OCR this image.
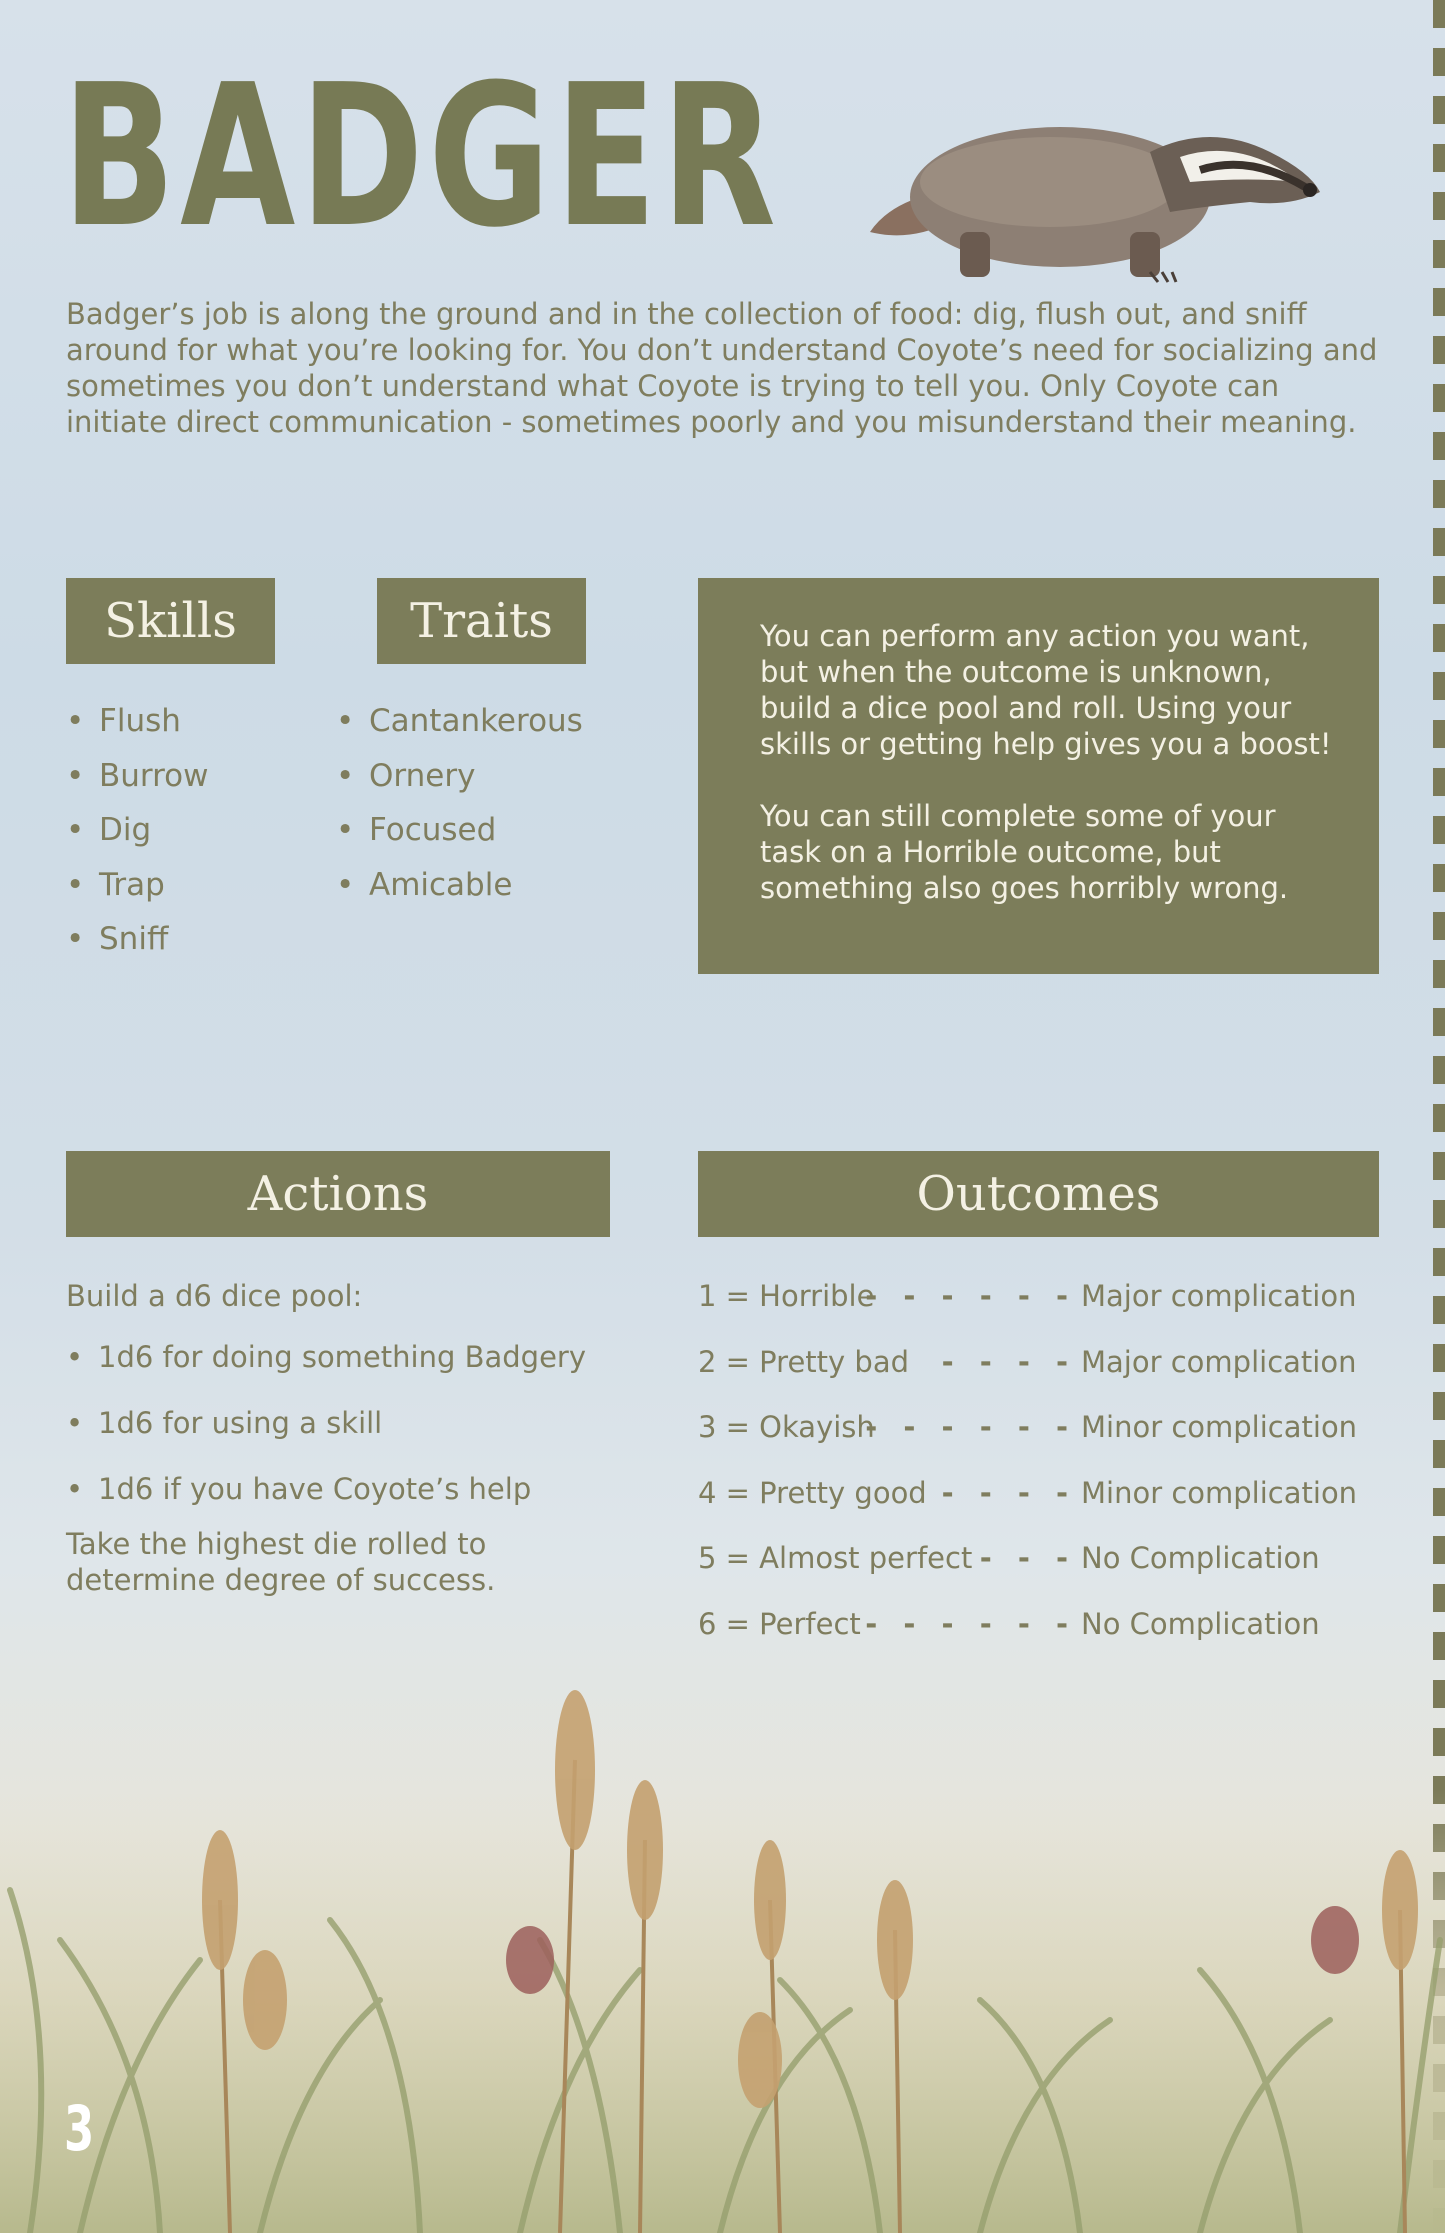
BADGER

Badger’s job is along the ground and in the collection of food: dig, flush out, and sniff around for what you’re looking for. You don’t understand Coyote’s need for socializing and sometimes you don’t understand what Coyote is trying to tell you. Only Coyote can initiate direct communication - sometimes poorly and you misunderstand their meaning.

Skills	Traits
• Flush
• Burrow
• Dig
• Trap
• Sniff
• Cantankerous
• Ornery
• Focused
• Amicable

You can perform any action you want, but when the outcome is unknown, build a dice pool and roll. Using your skills or getting help gives you a boost!

You can still complete some of your task on a Horrible outcome, but something also goes horribly wrong.

Actions	Outcomes

Build a d6 dice pool:

• 1d6 for doing something Badgery
• 1d6 for using a skill
• 1d6 if you have Coyote’s help

Take the highest die rolled to determine degree of success.

1 = Horrible
- - - - - - Major complication
2 = Pretty bad - - - - Major complication
3 = Okayish
- - - - - - Minor complication
4 = Pretty good - - - - Minor complication
5 = Almost perfect - - - No Complication
6 = Perfect - - - - - - No Complication

3
